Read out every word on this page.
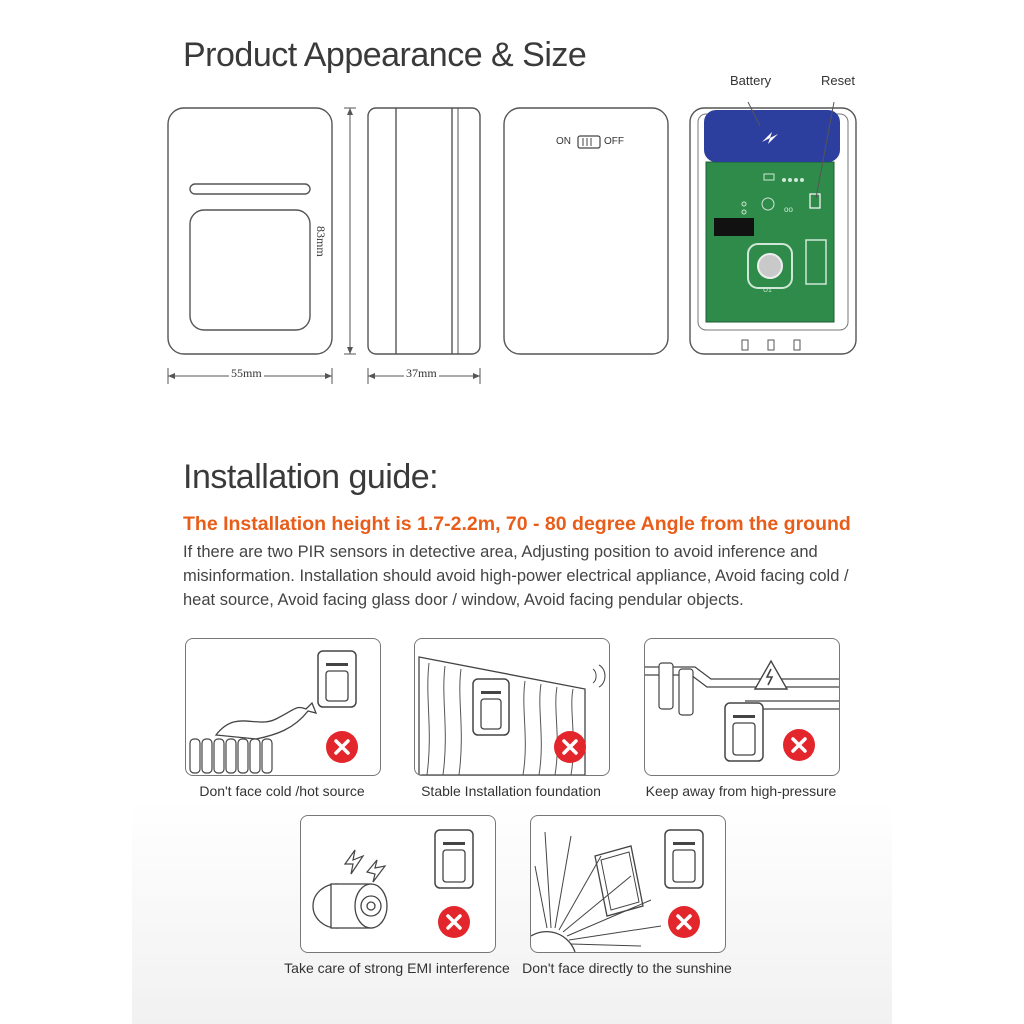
Product Appearance & Size
55mm
83mm
37mm
ON	OFF
oo
Battery	Reset
U1
Installation guide:
The Installation height is 1.7-2.2m, 70 - 80 degree Angle from the ground
If there are two PIR sensors in detective area, Adjusting position to avoid inference and misinformation. Installation should avoid high-power electrical appliance, Avoid facing cold / heat source, Avoid facing glass door / window, Avoid facing pendular objects.
Don't face cold /hot source	Stable Installation foundation	Keep away from high-pressure
Take care of strong EMI interference Don't face directly to the sunshine
